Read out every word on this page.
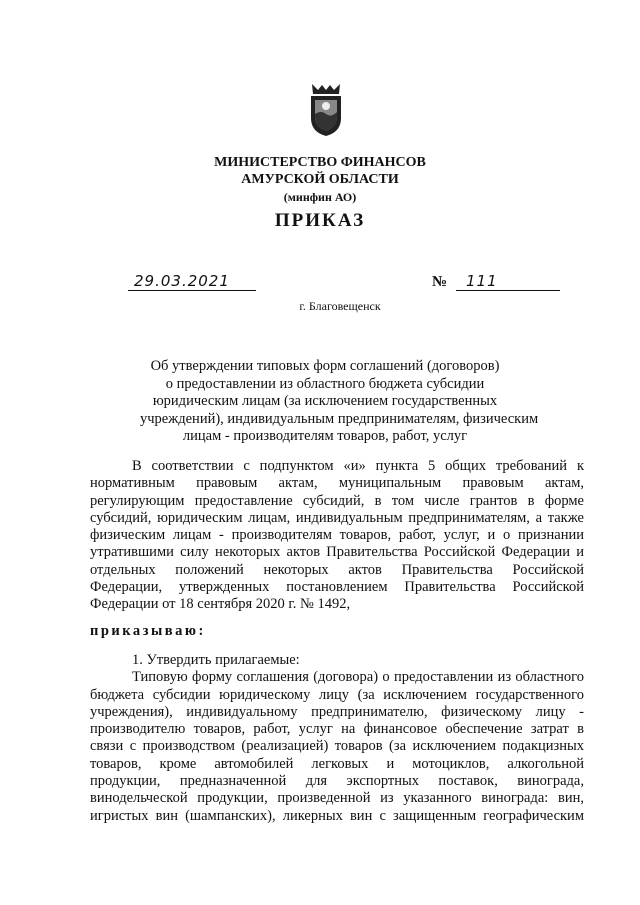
МИНИСТЕРСТВО ФИНАНСОВ
АМУРСКОЙ ОБЛАСТИ
(минфин АО)
ПРИКАЗ
29.03.2021	№	111
г. Благовещенск
Об утверждении типовых форм соглашений (договоров)
о предоставлении из областного бюджета субсидии
юридическим лицам (за исключением государственных
учреждений), индивидуальным предпринимателям, физическим
лицам - производителям товаров, работ, услуг
В соответствии с подпунктом «и» пункта 5 общих требований к
нормативным правовым актам, муниципальным правовым актам,
регулирующим предоставление субсидий, в том числе грантов в форме
субсидий, юридическим лицам, индивидуальным предпринимателям, а также
физическим лицам - производителям товаров, работ, услуг, и о признании
утратившими силу некоторых актов Правительства Российской Федерации и
отдельных положений некоторых актов Правительства Российской
Федерации, утвержденных постановлением Правительства Российской
Федерации от 18 сентября 2020 г. № 1492,
приказываю:
1. Утвердить прилагаемые:
Типовую форму соглашения (договора) о предоставлении из областного
бюджета субсидии юридическому лицу (за исключением государственного
учреждения), индивидуальному предпринимателю, физическому лицу -
производителю товаров, работ, услуг на финансовое обеспечение затрат в
связи с производством (реализацией) товаров (за исключением подакцизных
товаров, кроме автомобилей легковых и мотоциклов, алкогольной
продукции, предназначенной для экспортных поставок, винограда,
винодельческой продукции, произведенной из указанного винограда: вин,
игристых вин (шампанских), ликерных вин с защищенным географическим
